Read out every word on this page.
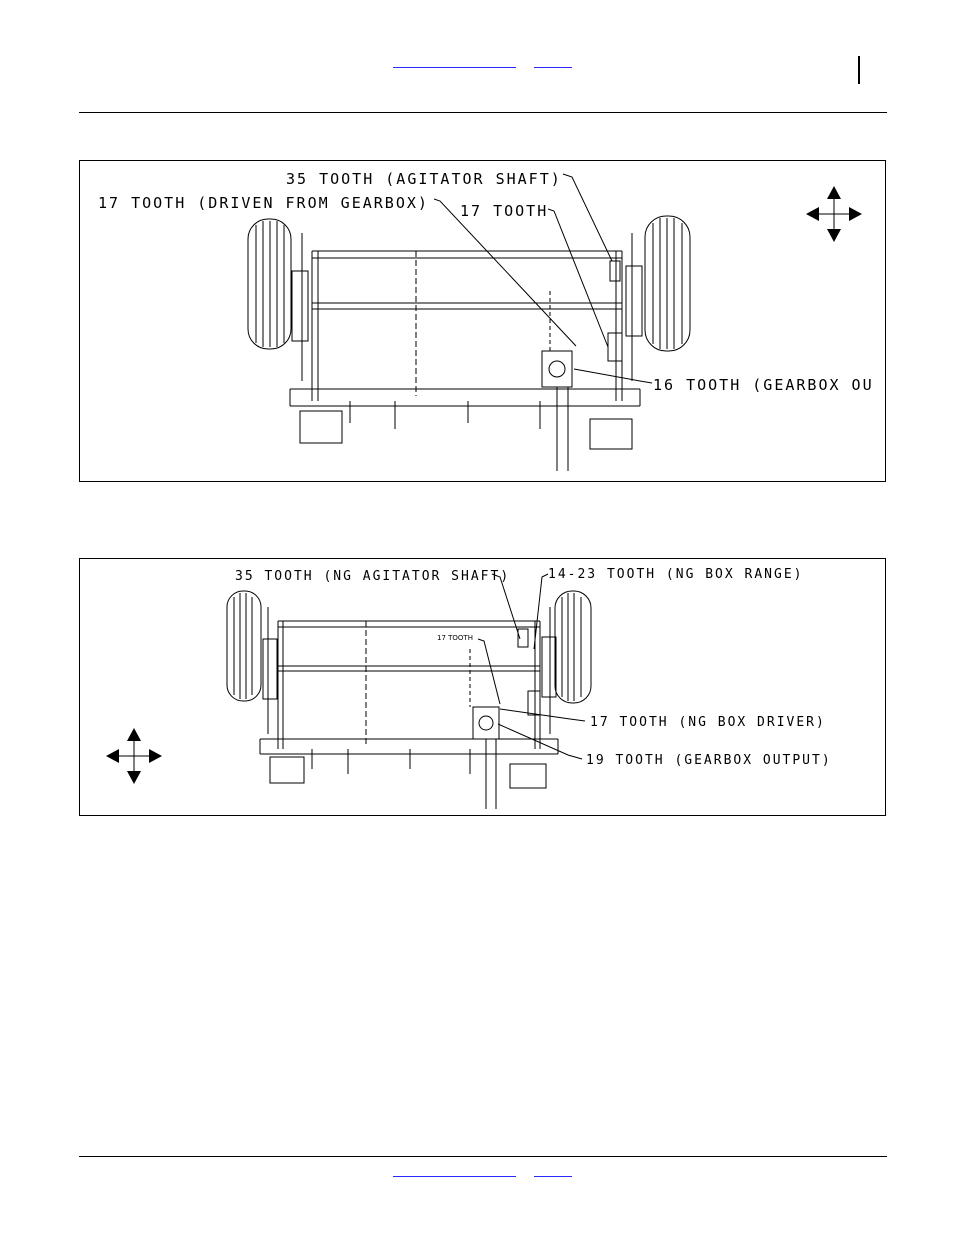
35 TOOTH (AGITATOR SHAFT)
17 TOOTH (DRIVEN FROM GEARBOX) 17 TOOTH
16 TOOTH (GEARBOX OU
35 TOOTH (NG AGITATOR SHAFT)	14-23 TOOTH (NG BOX RANGE)
17 TOOTH
17 TOOTH (NG BOX DRIVER)
19 TOOTH (GEARBOX OUTPUT)
